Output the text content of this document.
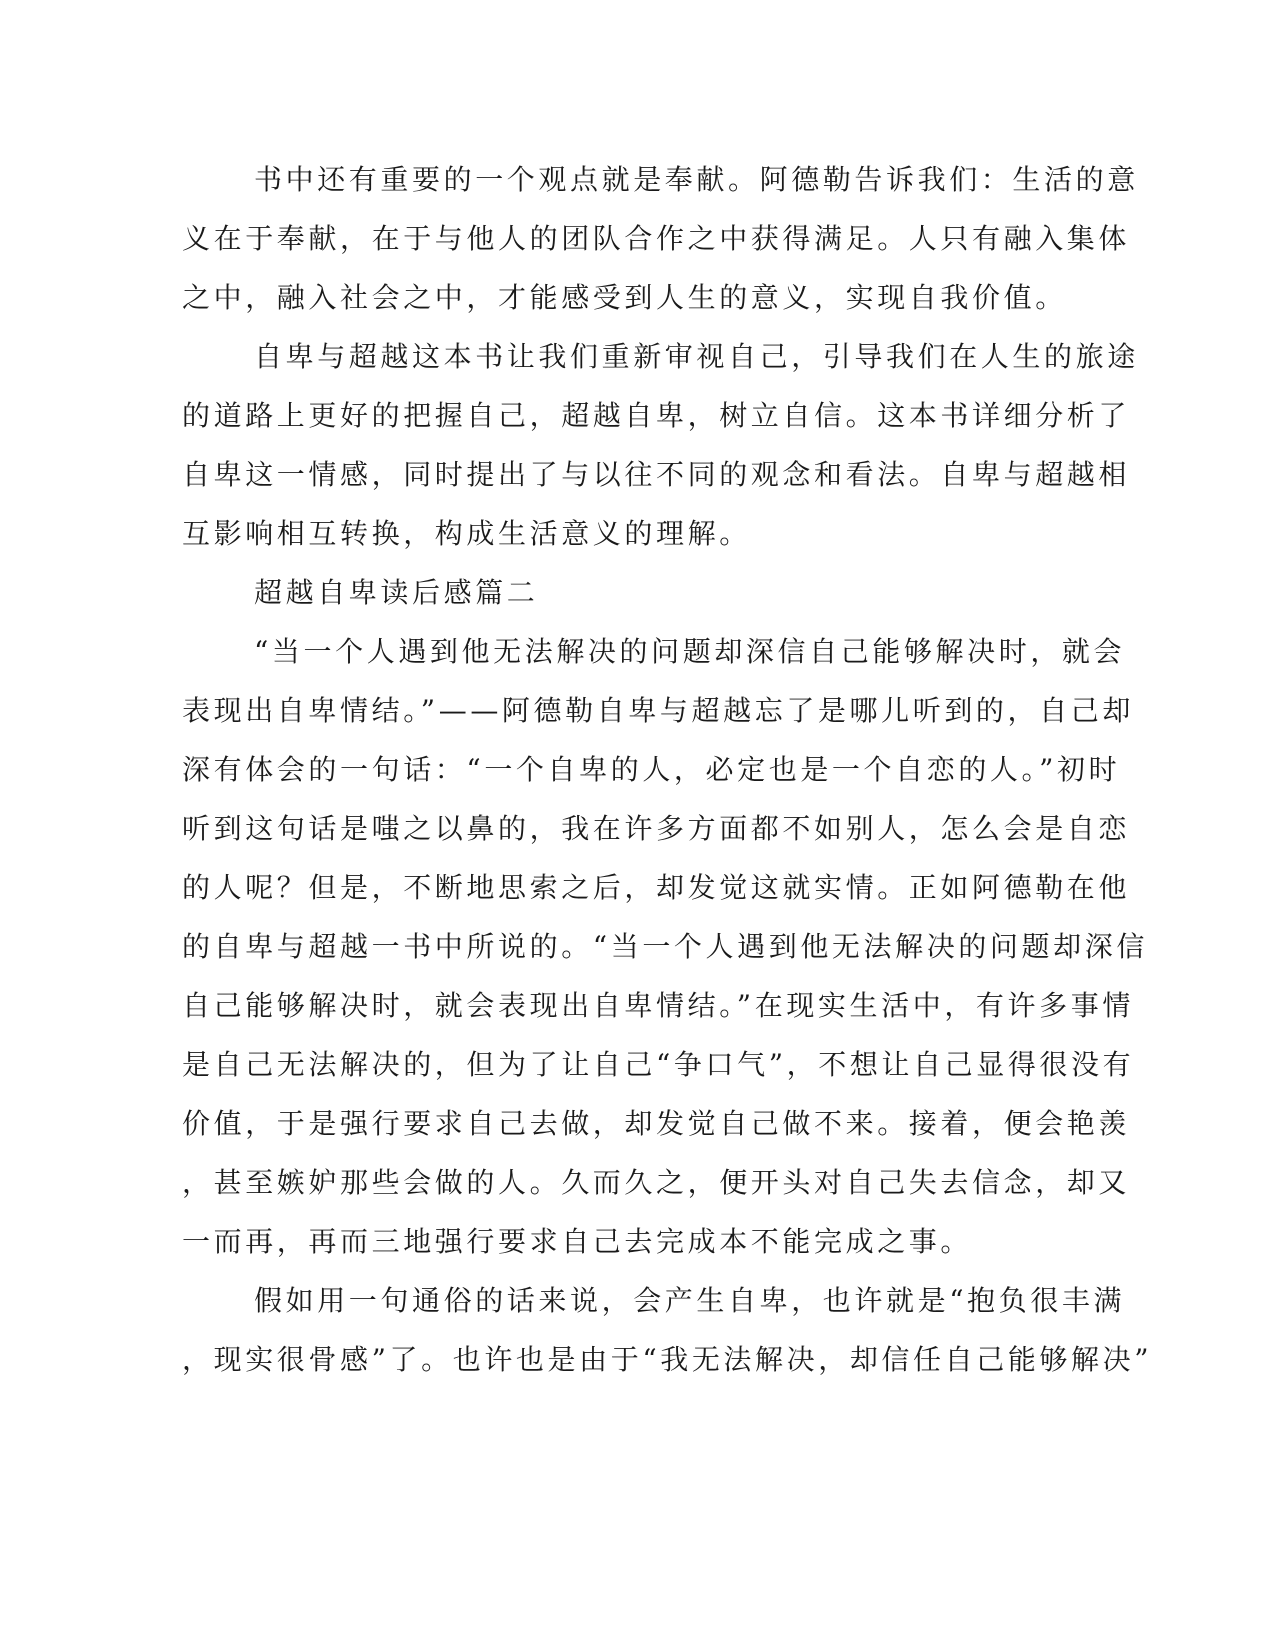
书中还有重要的一个观点就是奉献。阿德勒告诉我们：生活的意
义在于奉献，在于与他人的团队合作之中获得满足。人只有融入集体
之中，融入社会之中，才能感受到人生的意义，实现自我价值。
自卑与超越这本书让我们重新审视自己，引导我们在人生的旅途
的道路上更好的把握自己，超越自卑，树立自信。这本书详细分析了
自卑这一情感，同时提出了与以往不同的观念和看法。自卑与超越相
互影响相互转换，构成生活意义的理解。
超越自卑读后感篇二
“当一个人遇到他无法解决的问题却深信自己能够解决时，就会
表现出自卑情结。”——阿德勒自卑与超越忘了是哪儿听到的，自己却
深有体会的一句话：“一个自卑的人，必定也是一个自恋的人。”初时
听到这句话是嗤之以鼻的，我在许多方面都不如别人，怎么会是自恋
的人呢？但是，不断地思索之后，却发觉这就实情。正如阿德勒在他
的自卑与超越一书中所说的。“当一个人遇到他无法解决的问题却深信
自己能够解决时，就会表现出自卑情结。”在现实生活中，有许多事情
是自己无法解决的，但为了让自己“争口气”，不想让自己显得很没有
价值，于是强行要求自己去做，却发觉自己做不来。接着，便会艳羡
，甚至嫉妒那些会做的人。久而久之，便开头对自己失去信念，却又
一而再，再而三地强行要求自己去完成本不能完成之事。
假如用一句通俗的话来说，会产生自卑，也许就是“抱负很丰满
，现实很骨感”了。也许也是由于“我无法解决，却信任自己能够解决”
